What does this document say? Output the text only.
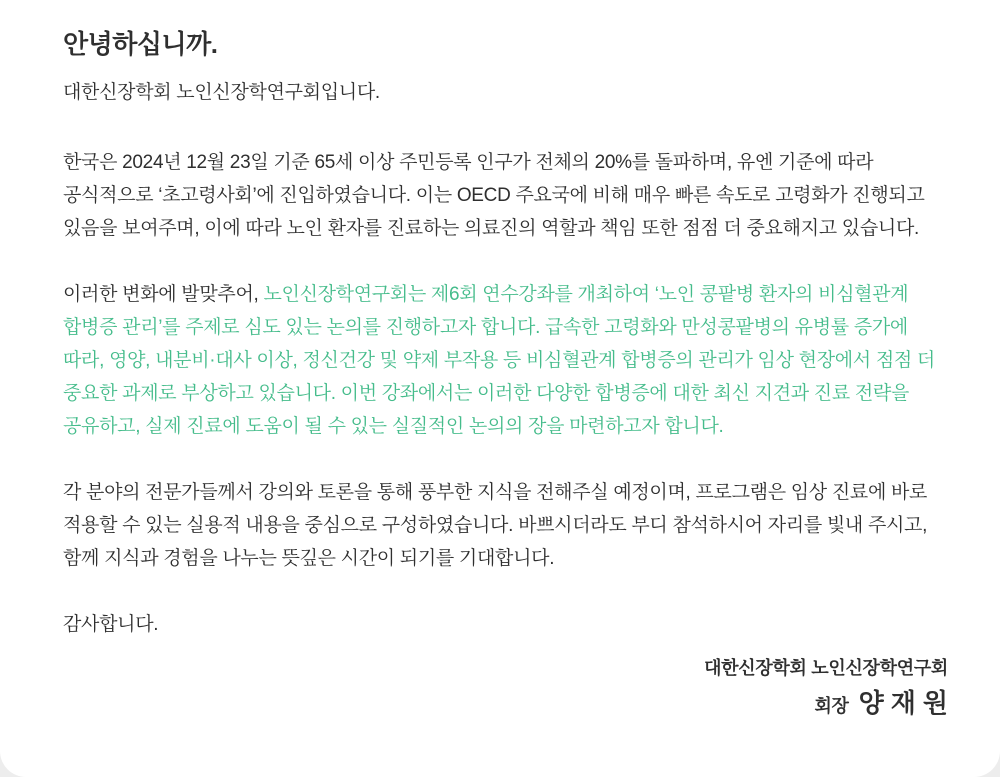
안녕하십니까.
대한신장학회 노인신장학연구회입니다.

한국은 2024년 12월 23일 기준 65세 이상 주민등록 인구가 전체의 20%를 돌파하며, 유엔 기준에 따라 공식적으로 ‘초고령사회’에 진입하였습니다. 이는 OECD 주요국에 비해 매우 빠른 속도로 고령화가 진행되고 있음을 보여주며, 이에 따라 노인 환자를 진료하는 의료진의 역할과 책임 또한 점점 더 중요해지고 있습니다.

이러한 변화에 발맞추어, 노인신장학연구회는 제6회 연수강좌를 개최하여 ‘노인 콩팥병 환자의 비심혈관계 합병증 관리’를 주제로 심도 있는 논의를 진행하고자 합니다. 급속한 고령화와 만성콩팥병의 유병률 증가에 따라, 영양, 내분비·대사 이상, 정신건강 및 약제 부작용 등 비심혈관계 합병증의 관리가 임상 현장에서 점점 더 중요한 과제로 부상하고 있습니다. 이번 강좌에서는 이러한 다양한 합병증에 대한 최신 지견과 진료 전략을 공유하고, 실제 진료에 도움이 될 수 있는 실질적인 논의의 장을 마련하고자 합니다.

각 분야의 전문가들께서 강의와 토론을 통해 풍부한 지식을 전해주실 예정이며, 프로그램은 임상 진료에 바로 적용할 수 있는 실용적 내용을 중심으로 구성하였습니다. 바쁘시더라도 부디 참석하시어 자리를 빛내 주시고, 함께 지식과 경험을 나누는 뜻깊은 시간이 되기를 기대합니다.

감사합니다.
대한신장학회 노인신장학연구회
회장 양재원
